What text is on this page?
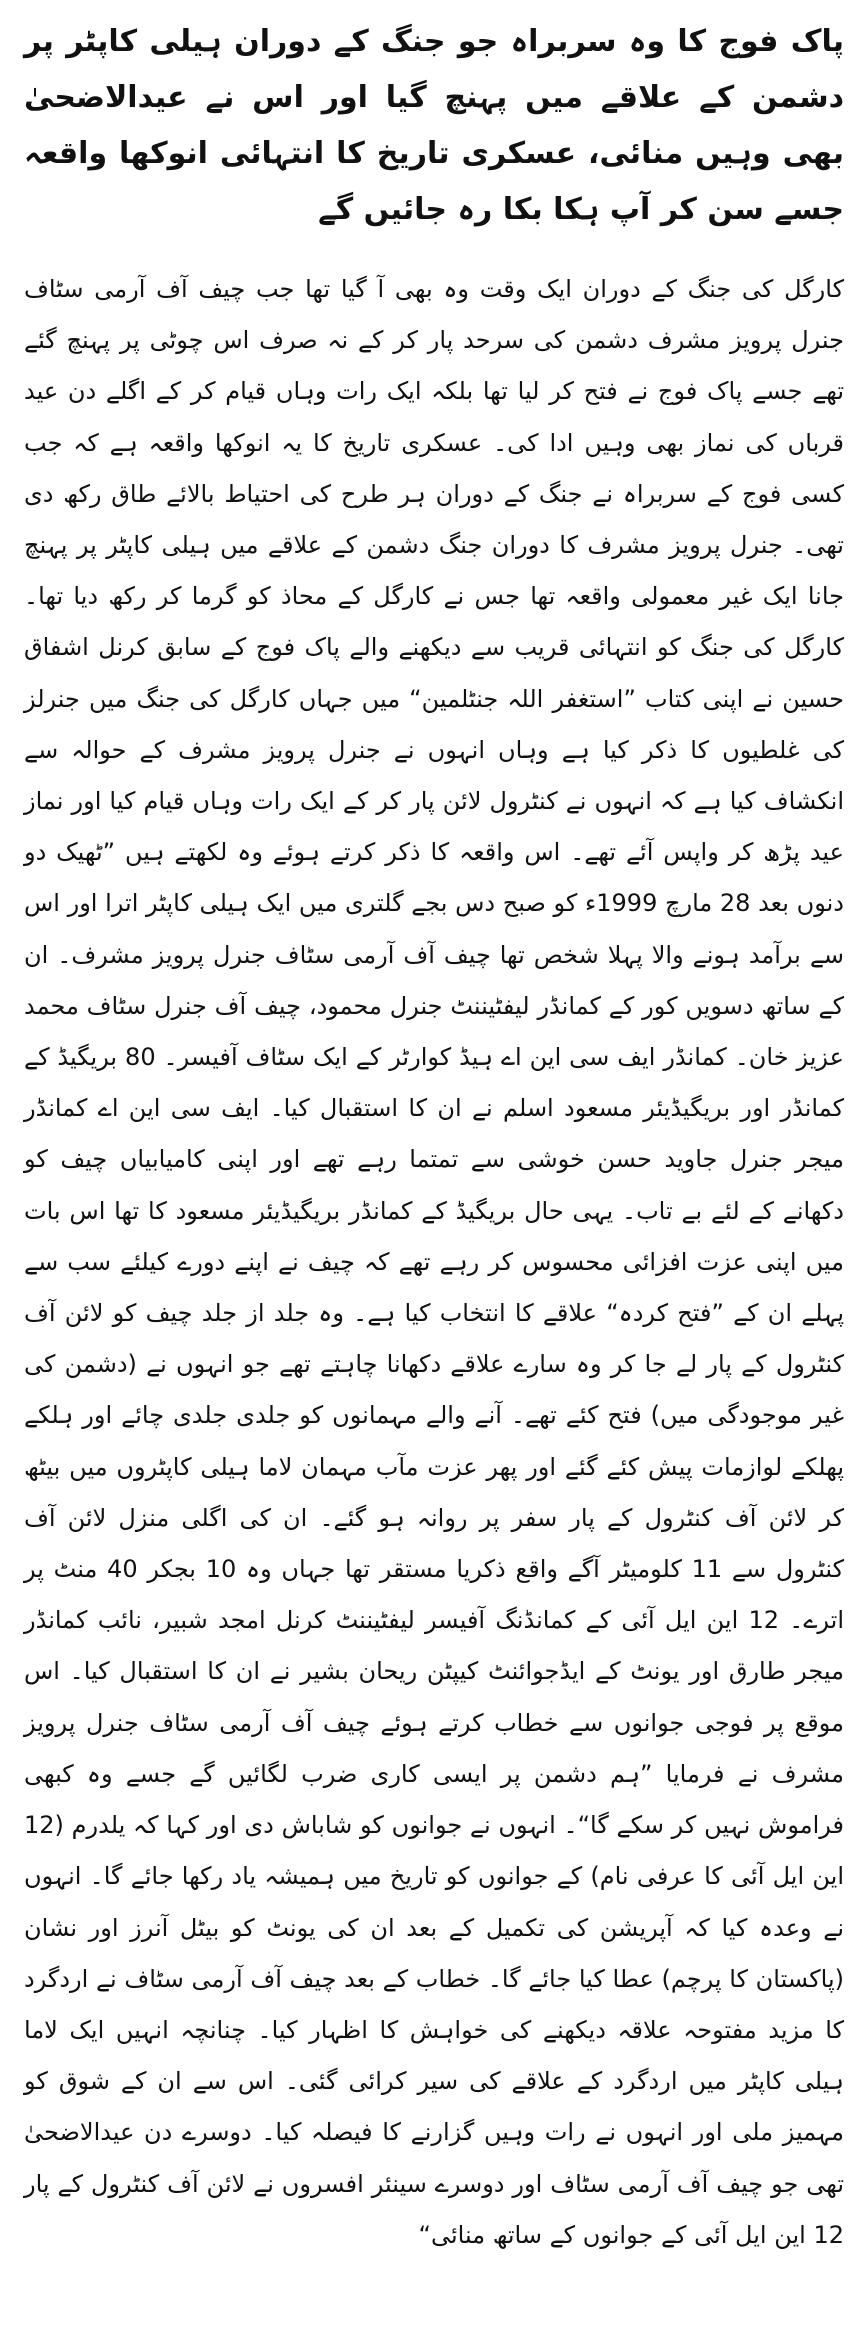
پاک فوج کا وہ سربراہ جو جنگ کے دوران ہیلی کاپٹر پر دشمن کے علاقے میں پہنچ گیا اور اس نے عیدالاضحیٰ بھی وہیں منائی، عسکری تاریخ کا انتہائی انوکھا واقعہ جسے سن کر آپ ہکا بکا رہ جائیں گے

کارگل کی جنگ کے دوران ایک وقت وہ بھی آ گیا تھا جب چیف آف آرمی سٹاف جنرل پرویز مشرف دشمن کی سرحد پار کر کے نہ صرف اس چوٹی پر پہنچ گئے تھے جسے پاک فوج نے فتح کر لیا تھا بلکہ ایک رات وہاں قیام کر کے اگلے دن عید قرباں کی نماز بھی وہیں ادا کی۔ عسکری تاریخ کا یہ انوکھا واقعہ ہے کہ جب کسی فوج کے سربراہ نے جنگ کے دوران ہر طرح کی احتیاط بالائے طاق رکھ دی تھی۔ جنرل پرویز مشرف کا دوران جنگ دشمن کے علاقے میں ہیلی کاپٹر پر پہنچ جانا ایک غیر معمولی واقعہ تھا جس نے کارگل کے محاذ کو گرما کر رکھ دیا تھا۔ کارگل کی جنگ کو انتہائی قریب سے دیکھنے والے پاک فوج کے سابق کرنل اشفاق حسین نے اپنی کتاب ”استغفر اللہ جنٹلمین“ میں جہاں کارگل کی جنگ میں جنرلز کی غلطیوں کا ذکر کیا ہے وہاں انہوں نے جنرل پرویز مشرف کے حوالہ سے انکشاف کیا ہے کہ انہوں نے کنٹرول لائن پار کر کے ایک رات وہاں قیام کیا اور نماز عید پڑھ کر واپس آئے تھے۔ اس واقعہ کا ذکر کرتے ہوئے وہ لکھتے ہیں ”ٹھیک دو دنوں بعد 28 مارچ 1999ء کو صبح دس بجے گلتری میں ایک ہیلی کاپٹر اترا اور اس سے برآمد ہونے والا پہلا شخص تھا چیف آف آرمی سٹاف جنرل پرویز مشرف۔ ان کے ساتھ دسویں کور کے کمانڈر لیفٹیننٹ جنرل محمود، چیف آف جنرل سٹاف محمد عزیز خان۔ کمانڈر ایف سی این اے ہیڈ کوارٹر کے ایک سٹاف آفیسر۔ 80 بریگیڈ کے کمانڈر اور بریگیڈیئر مسعود اسلم نے ان کا استقبال کیا۔ ایف سی این اے کمانڈر میجر جنرل جاوید حسن خوشی سے تمتما رہے تھے اور اپنی کامیابیاں چیف کو دکھانے کے لئے بے تاب۔ یہی حال بریگیڈ کے کمانڈر بریگیڈیئر مسعود کا تھا اس بات میں اپنی عزت افزائی محسوس کر رہے تھے کہ چیف نے اپنے دورے کیلئے سب سے پہلے ان کے ”فتح کردہ“ علاقے کا انتخاب کیا ہے۔ وہ جلد از جلد چیف کو لائن آف کنٹرول کے پار لے جا کر وہ سارے علاقے دکھانا چاہتے تھے جو انہوں نے (دشمن کی غیر موجودگی میں) فتح کئے تھے۔ آنے والے مہمانوں کو جلدی جلدی چائے اور ہلکے پھلکے لوازمات پیش کئے گئے اور پھر عزت مآب مہمان لاما ہیلی کاپٹروں میں بیٹھ کر لائن آف کنٹرول کے پار سفر پر روانہ ہو گئے۔ ان کی اگلی منزل لائن آف کنٹرول سے 11 کلومیٹر آگے واقع ذکریا مستقر تھا جہاں وہ 10 بجکر 40 منٹ پر اترے۔ 12 این ایل آئی کے کمانڈنگ آفیسر لیفٹیننٹ کرنل امجد شبیر، نائب کمانڈر میجر طارق اور یونٹ کے ایڈجوائنٹ کیپٹن ریحان بشیر نے ان کا استقبال کیا۔ اس موقع پر فوجی جوانوں سے خطاب کرتے ہوئے چیف آف آرمی سٹاف جنرل پرویز مشرف نے فرمایا ”ہم دشمن پر ایسی کاری ضرب لگائیں گے جسے وہ کبھی فراموش نہیں کر سکے گا“۔ انہوں نے جوانوں کو شاباش دی اور کہا کہ یلدرم (12 این ایل آئی کا عرفی نام) کے جوانوں کو تاریخ میں ہمیشہ یاد رکھا جائے گا۔ انہوں نے وعدہ کیا کہ آپریشن کی تکمیل کے بعد ان کی یونٹ کو بیٹل آنرز اور نشان (پاکستان کا پرچم) عطا کیا جائے گا۔ خطاب کے بعد چیف آف آرمی سٹاف نے اردگرد کا مزید مفتوحہ علاقہ دیکھنے کی خواہش کا اظہار کیا۔ چنانچہ انہیں ایک لاما ہیلی کاپٹر میں اردگرد کے علاقے کی سیر کرائی گئی۔ اس سے ان کے شوق کو مہمیز ملی اور انہوں نے رات وہیں گزارنے کا فیصلہ کیا۔ دوسرے دن عیدالاضحیٰ تھی جو چیف آف آرمی سٹاف اور دوسرے سینئر افسروں نے لائن آف کنٹرول کے پار 12 این ایل آئی کے جوانوں کے ساتھ منائی“
